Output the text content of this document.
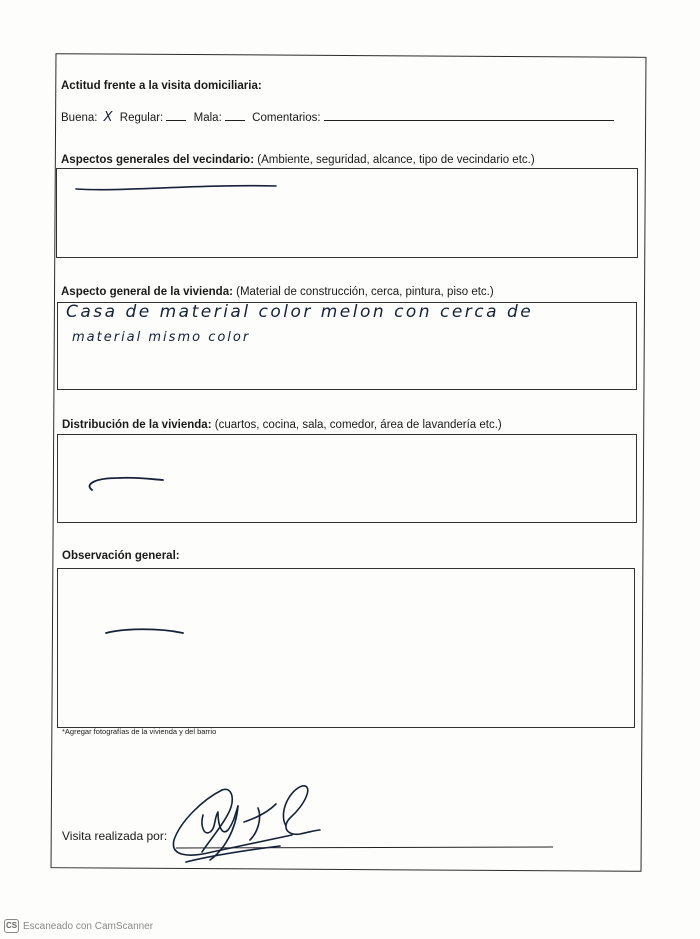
Actitud frente a la visita domiciliaria:
Buena: X Regular:	Mala:	Comentarios:
Aspectos generales del vecindario: (Ambiente, seguridad, alcance, tipo de vecindario etc.)
Aspecto general de la vivienda: (Material de construcción, cerca, pintura, piso etc.)
Casa de material color melon con cerca de
material mismo color
Distribución de la vivienda: (cuartos, cocina, sala, comedor, área de lavandería etc.)
Observación general:
*Agregar fotografías de la vivienda y del barrio
Visita realizada por:
CS Escaneado con CamScanner
